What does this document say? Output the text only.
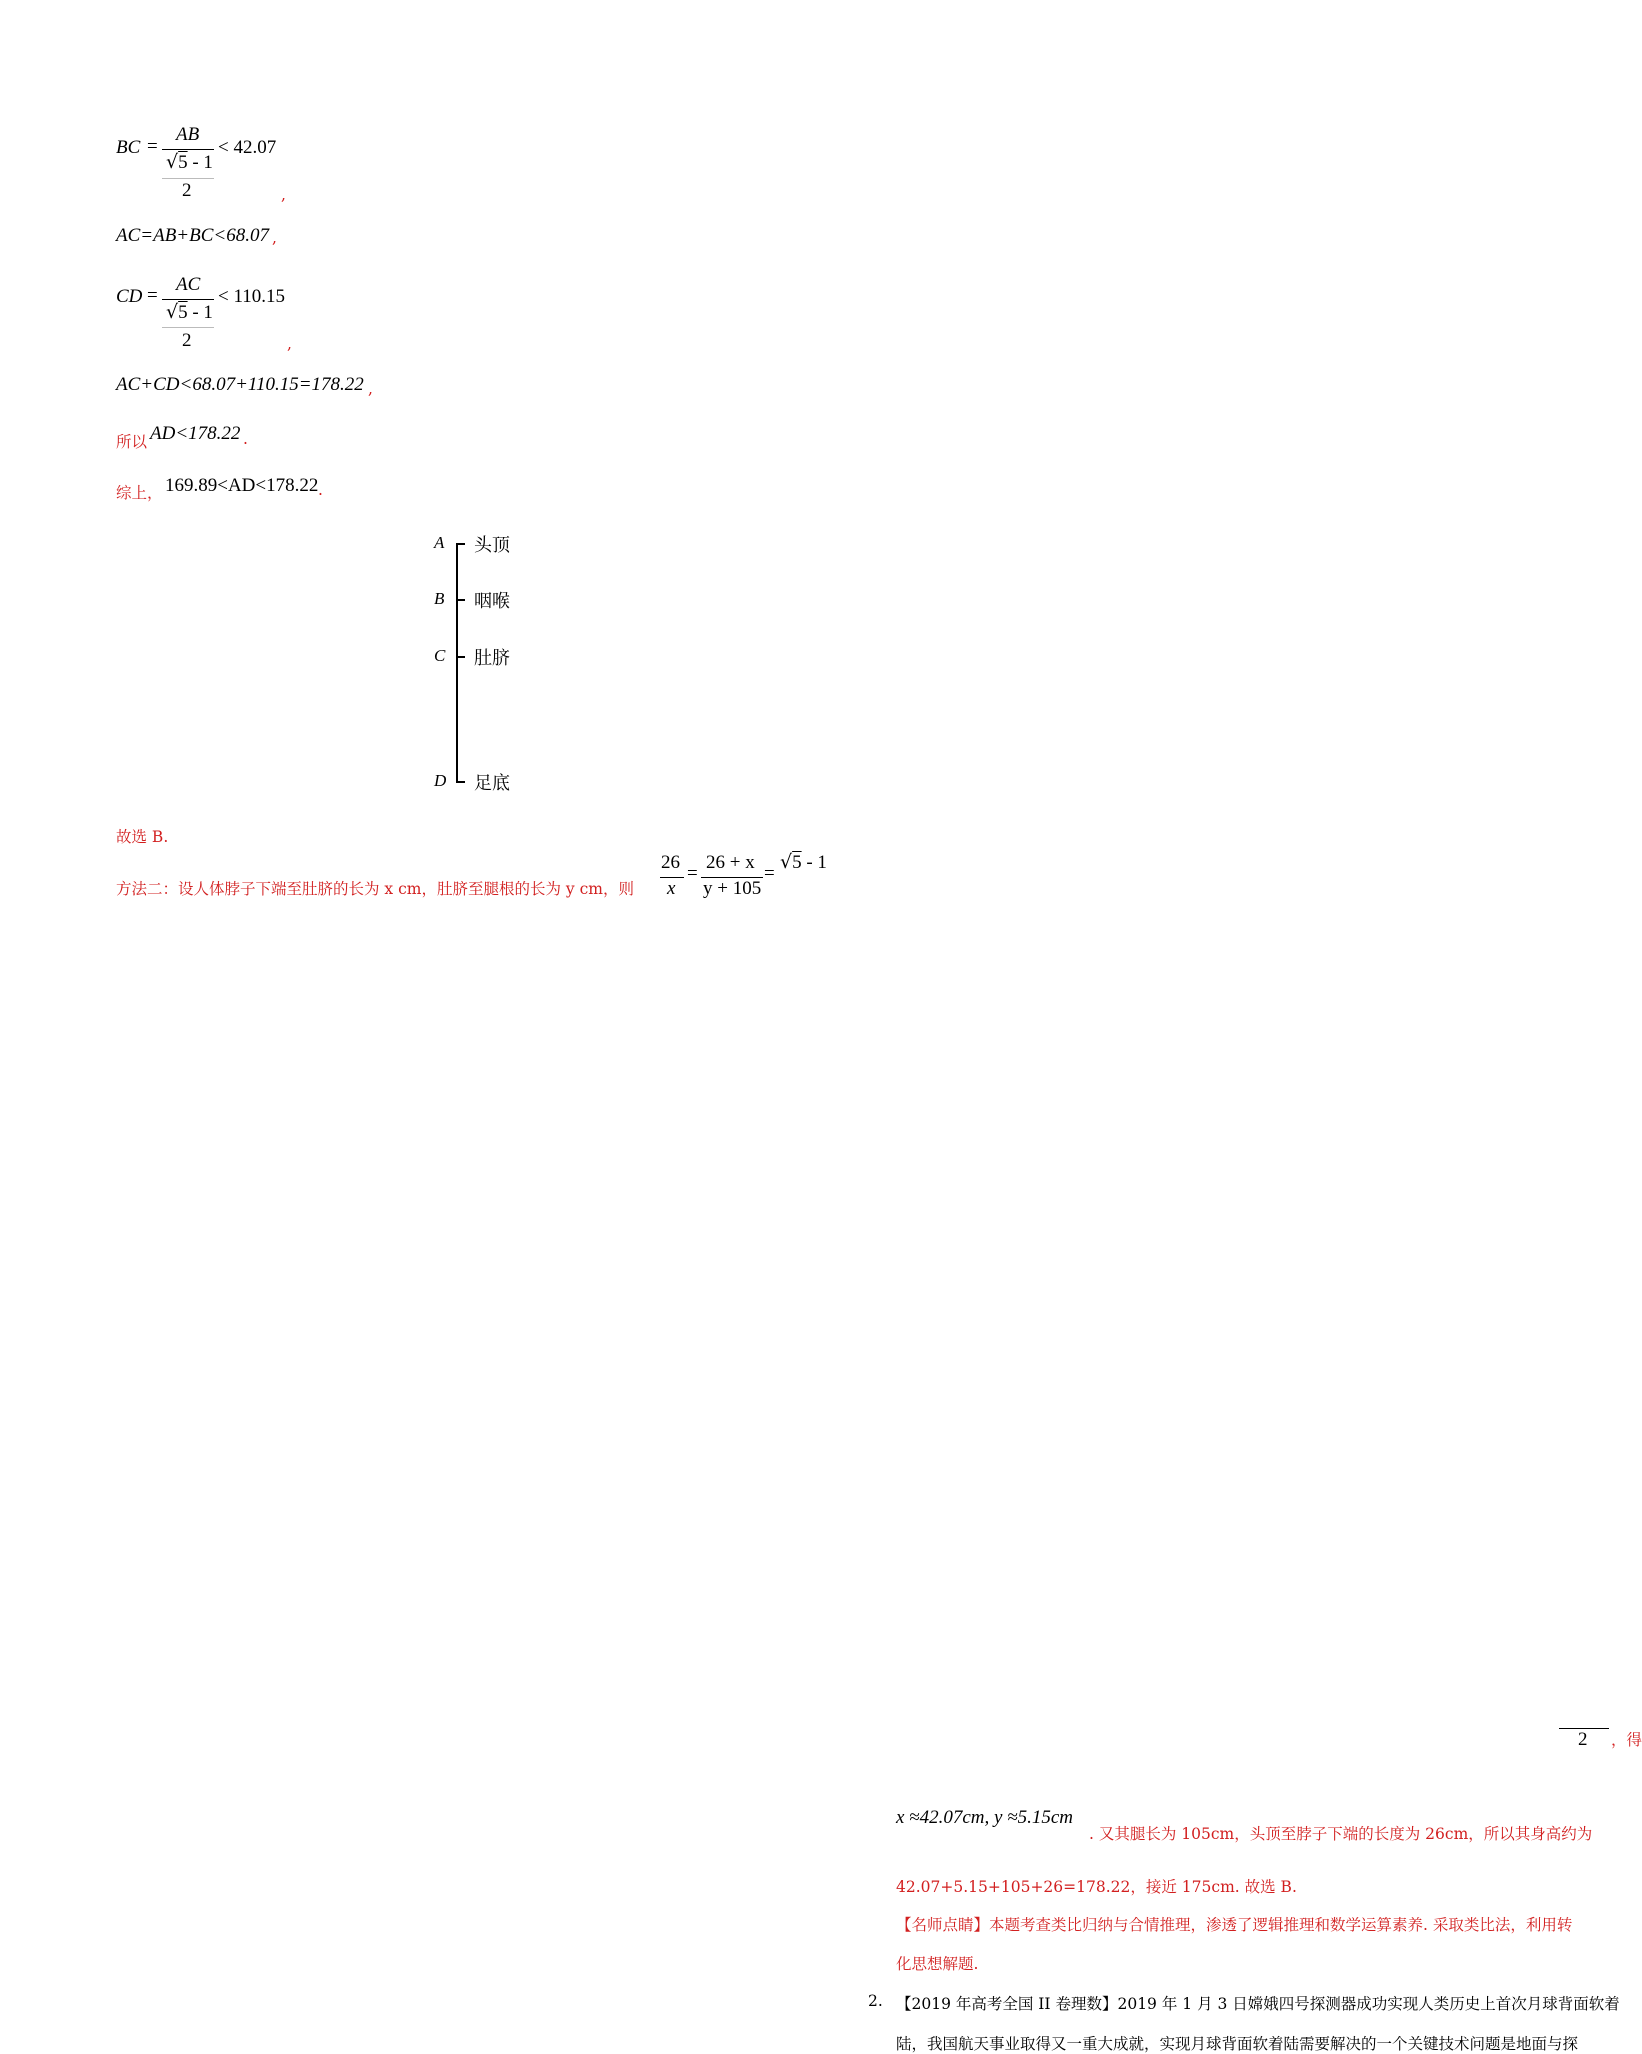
BC =
AB
√5 - 1
2
< 42.07
,
AC=AB+BC<68.07 ,
CD =
AC
√5 - 1
2
< 110.15
,
AC+CD<68.07+110.15=178.22 ,
所以 AD<178.22 .
综上， 169.89<AD<178.22 .
A 头顶
B 咽喉
C 肚脐
D 足底
故选 B.
方法二：设人体脖子下端至肚脐的长为 x cm，肚脐至腿根的长为 y cm，则
26
x
=
26 + x
y + 105
=
√5 - 1
2 ，得
x ≈42.07cm, y ≈5.15cm
. 又其腿长为 105cm，头顶至脖子下端的长度为 26cm，所以其身高约为
42.07+5.15+105+26=178.22，接近 175cm. 故选 B.
【名师点睛】本题考查类比归纳与合情推理，渗透了逻辑推理和数学运算素养. 采取类比法，利用转
化思想解题.
2. 【2019 年高考全国 II 卷理数】2019 年 1 月 3 日嫦娥四号探测器成功实现人类历史上首次月球背面软着
陆，我国航天事业取得又一重大成就，实现月球背面软着陆需要解决的一个关键技术问题是地面与探
